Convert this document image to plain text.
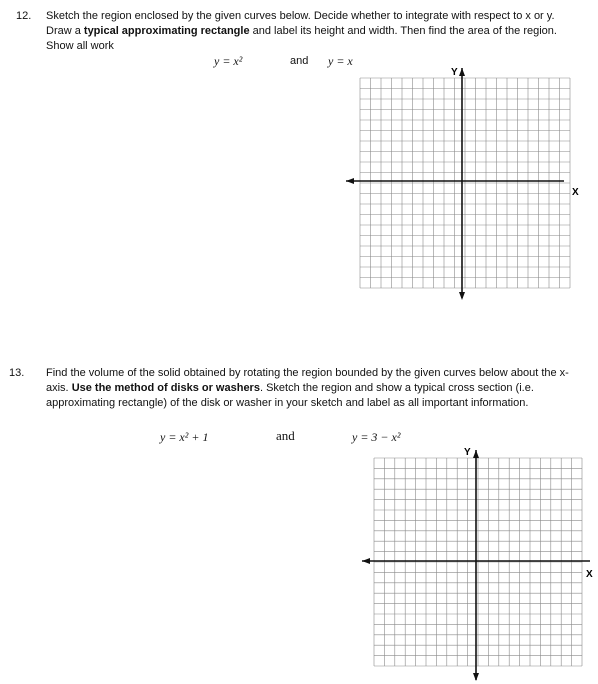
12. Sketch the region enclosed by the given curves below. Decide whether to integrate with respect to x or y. Draw a typical approximating rectangle and label its height and width. Then find the area of the region. Show all work
y = x²	and y = x
Y
X
13. Find the volume of the solid obtained by rotating the region bounded by the given curves below about the x-axis. Use the method of disks or washers. Sketch the region and show a typical cross section (i.e. approximating rectangle) of the disk or washer in your sketch and label as all important information.
y = x² + 1	and	y = 3 − x²
Y
X
